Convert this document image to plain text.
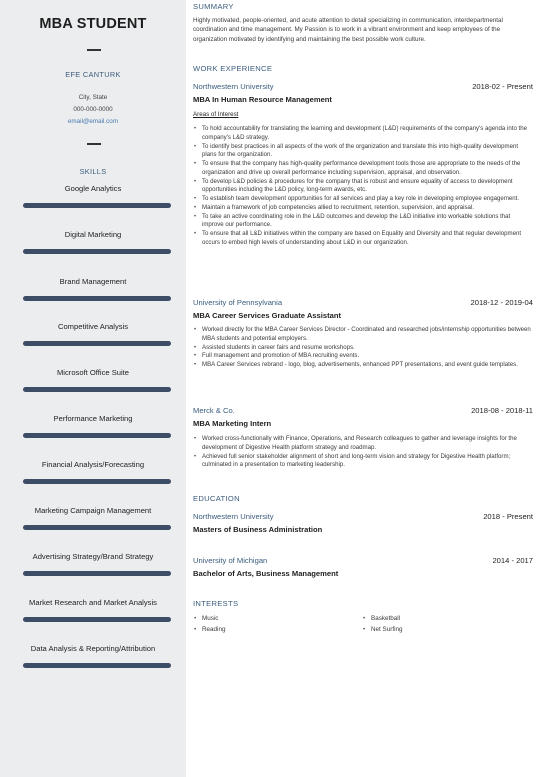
MBA STUDENT
EFE CANTURK
City, State
000-000-0000
email@email.com
SKILLS
Google Analytics
Digital Marketing
Brand Management
Competitive Analysis
Microsoft Office Suite
Performance Marketing
Financial Analysis/Forecasting
Marketing Campaign Management
Advertising Strategy/Brand Strategy
Market Research and Market Analysis
Data Analysis & Reporting/Attribution
SUMMARY
Highly motivated, people-oriented, and acute attention to detail specializing in communication, interdepartmental coordination and time management. My Passion is to work in a vibrant environment and keep employees of the organization motivated by identifying and maintaining the best possible work culture.
WORK EXPERIENCE
Northwestern University	2018-02 - Present
MBA In Human Resource Management
Areas of Interest
• To hold accountability for translating the learning and development (L&D) requirements of the company's agenda into the company's L&D strategy.
• To identify best practices in all aspects of the work of the organization and translate this into high-quality development plans for the organization.
• To ensure that the company has high-quality performance development tools those are appropriate to the needs of the organization and drive up overall performance including supervision, appraisal, and observation.
• To develop L&D policies & procedures for the company that is robust and ensure equality of access to development opportunities including the L&D policy, long-term awards, etc.
• To establish team development opportunities for all services and play a key role in developing employee engagement.
• Maintain a framework of job competencies allied to recruitment, retention, supervision, and appraisal.
• To take an active coordinating role in the L&D outcomes and develop the L&D initiative into workable solutions that improve our performance.
• To ensure that all L&D initiatives within the company are based on Equality and Diversity and that regular development occurs to embed high levels of understanding about L&D in our organization.
University of Pennsylvania	2018-12 - 2019-04
MBA Career Services Graduate Assistant
• Worked directly for the MBA Career Services Director - Coordinated and researched jobs/internship opportunities between MBA students and potential employers.
• Assisted students in career fairs and resume workshops.
• Full management and promotion of MBA recruiting events.
• MBA Career Services rebrand - logo, blog, advertisements, enhanced PPT presentations, and event guide templates.
Merck & Co.	2018-08 - 2018-11
MBA Marketing Intern
• Worked cross-functionally with Finance, Operations, and Research colleagues to gather and leverage insights for the development of Digestive Health platform strategy and roadmap.
• Achieved full senior stakeholder alignment of short and long-term vision and strategy for Digestive Health platform; culminated in a presentation to marketing leadership.
EDUCATION
Northwestern University	2018 - Present
Masters of Business Administration
University of Michigan	2014 - 2017
Bachelor of Arts, Business Management
INTERESTS
• Music
• Reading
• Basketball
• Net Surfing
